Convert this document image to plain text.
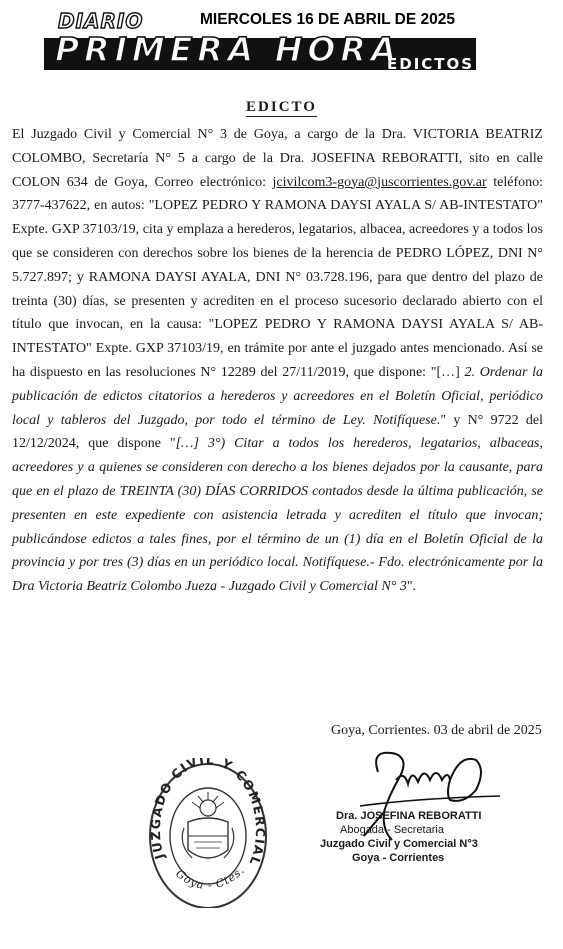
DIARIO
PRIMERA HORA
EDICTOS
MIERCOLES 16 DE ABRIL DE 2025
EDICTO

El Juzgado Civil y Comercial N° 3 de Goya, a cargo de la Dra. VICTORIA BEATRIZ COLOMBO, Secretaría N° 5 a cargo de la Dra. JOSEFINA REBORATTI, sito en calle COLON 634 de Goya, Correo electrónico: jcivilcom3-goya@juscorrientes.gov.ar teléfono: 3777-437622, en autos: "LOPEZ PEDRO Y RAMONA DAYSI AYALA S/ AB-INTESTATO" Expte. GXP 37103/19, cita y emplaza a herederos, legatarios, albacea, acreedores y a todos los que se consideren con derechos sobre los bienes de la herencia de PEDRO LÓPEZ, DNI N° 5.727.897; y RAMONA DAYSI AYALA, DNI N° 03.728.196, para que dentro del plazo de treinta (30) días, se presenten y acrediten en el proceso sucesorio declarado abierto con el título que invocan, en la causa: "LOPEZ PEDRO Y RAMONA DAYSI AYALA S/ AB-INTESTATO" Expte. GXP 37103/19, en trámite por ante el juzgado antes mencionado. Así se ha dispuesto en las resoluciones N° 12289 del 27/11/2019, que dispone: "[…] 2. Ordenar la publicación de edictos citatorios a herederos y acreedores en el Boletín Oficial, periódico local y tableros del Juzgado, por todo el término de Ley. Notifíquese." y N° 9722 del 12/12/2024, que dispone "[…] 3°) Citar a todos los herederos, legatarios, albaceas, acreedores y a quienes se consideren con derecho a los bienes dejados por la causante, para que en el plazo de TREINTA (30) DÍAS CORRIDOS contados desde la última publicación, se presenten en este expediente con asistencia letrada y acrediten el título que invocan; publicándose edictos a tales fines, por el término de un (1) día en el Boletín Oficial de la provincia y por tres (3) días en un periódico local. Notifíquese.- Fdo. electrónicamente por la Dra Victoria Beatriz Colombo Jueza - Juzgado Civil y Comercial N° 3".

Goya, Corrientes. 03 de abril de 2025
JUZGADO CIVIL Y COMERCIAL
Goya - Ctes.
Dra. JOSEFINA REBORATTI
Abogada - Secretaria
Juzgado Civil y Comercial N°3
Goya - Corrientes
